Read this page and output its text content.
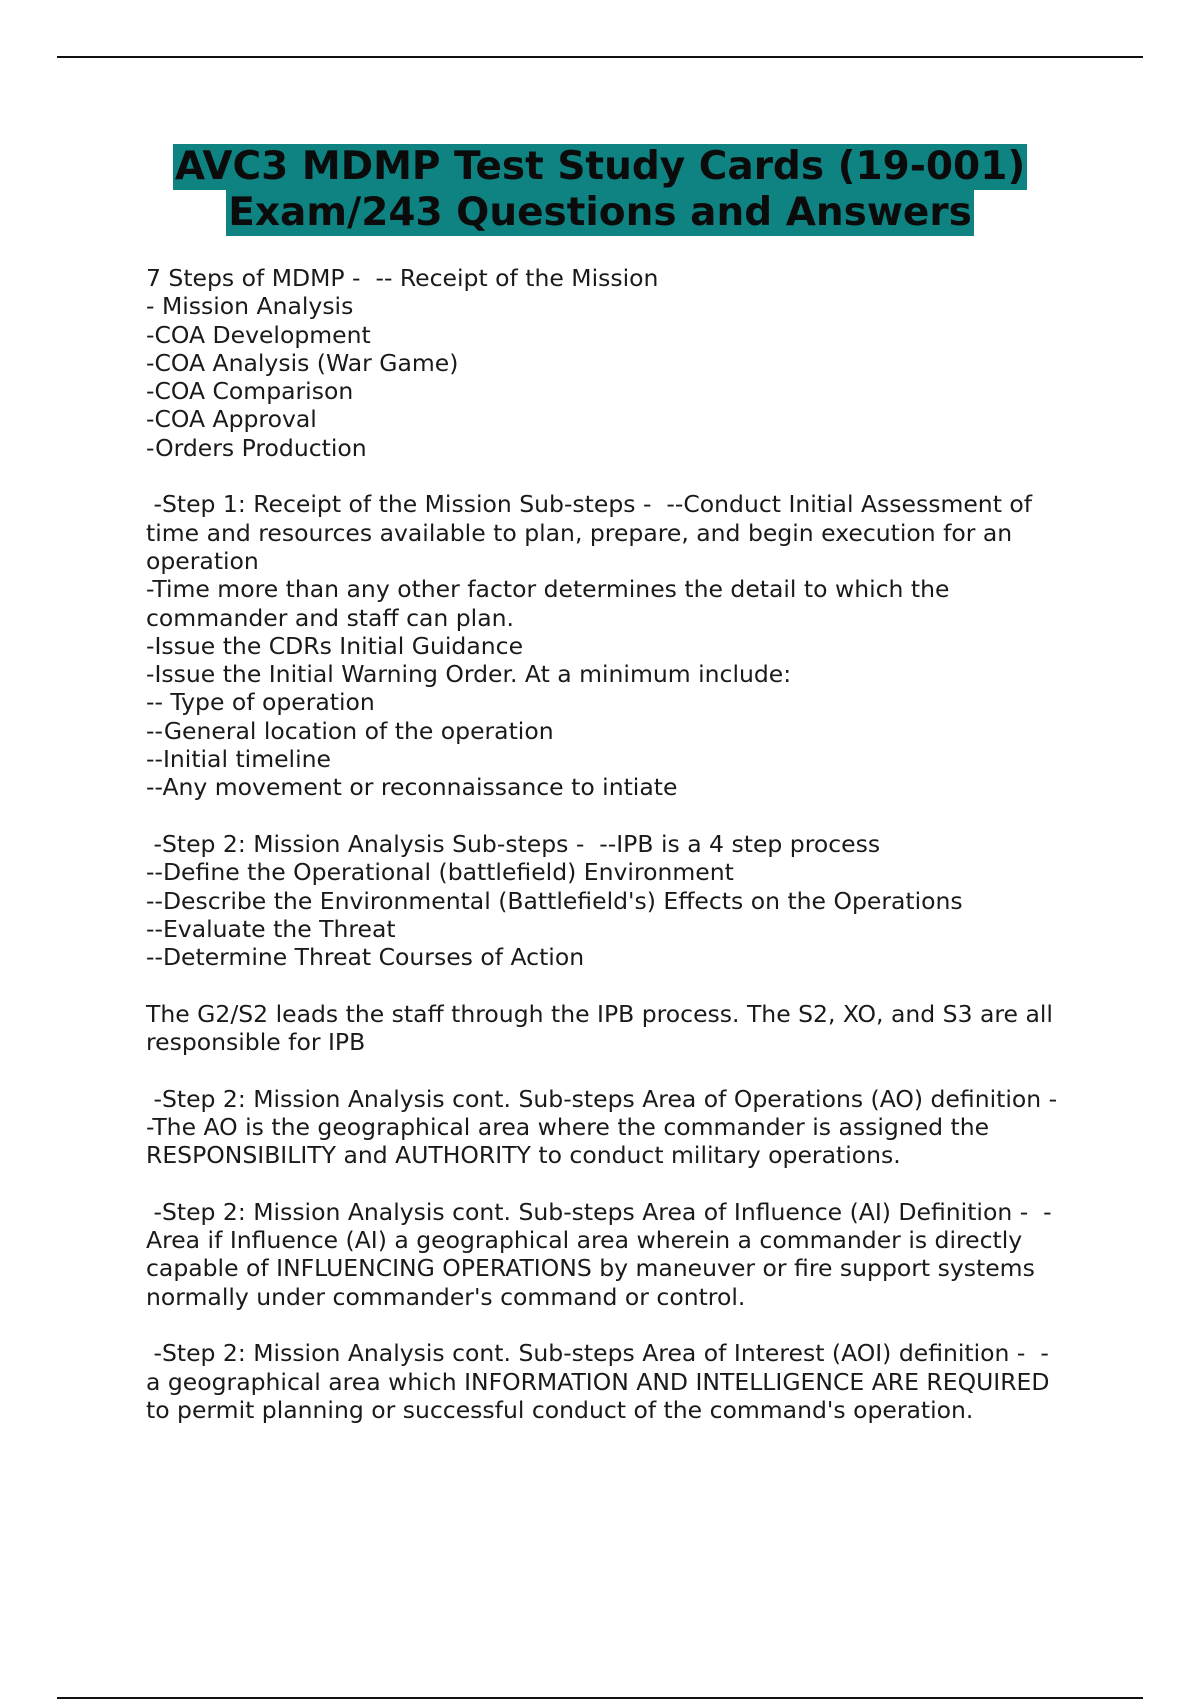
AVC3 MDMP Test Study Cards (19-001)
Exam/243 Questions and Answers
7 Steps of MDMP -  -- Receipt of the Mission
- Mission Analysis
-COA Development
-COA Analysis (War Game)
-COA Comparison
-COA Approval
-Orders Production
-Step 1: Receipt of the Mission Sub-steps -  --Conduct Initial Assessment of
time and resources available to plan, prepare, and begin execution for an
operation
-Time more than any other factor determines the detail to which the
commander and staff can plan.
-Issue the CDRs Initial Guidance
-Issue the Initial Warning Order. At a minimum include:
-- Type of operation
--General location of the operation
--Initial timeline
--Any movement or reconnaissance to intiate
-Step 2: Mission Analysis Sub-steps -  --IPB is a 4 step process
--Define the Operational (battlefield) Environment
--Describe the Environmental (Battlefield's) Effects on the Operations
--Evaluate the Threat
--Determine Threat Courses of Action
The G2/S2 leads the staff through the IPB process. The S2, XO, and S3 are all
responsible for IPB
-Step 2: Mission Analysis cont. Sub-steps Area of Operations (AO) definition -
-The AO is the geographical area where the commander is assigned the
RESPONSIBILITY and AUTHORITY to conduct military operations.
-Step 2: Mission Analysis cont. Sub-steps Area of Influence (AI) Definition -  -
Area if Influence (AI) a geographical area wherein a commander is directly
capable of INFLUENCING OPERATIONS by maneuver or fire support systems
normally under commander's command or control.
-Step 2: Mission Analysis cont. Sub-steps Area of Interest (AOI) definition -  -
a geographical area which INFORMATION AND INTELLIGENCE ARE REQUIRED
to permit planning or successful conduct of the command's operation.
